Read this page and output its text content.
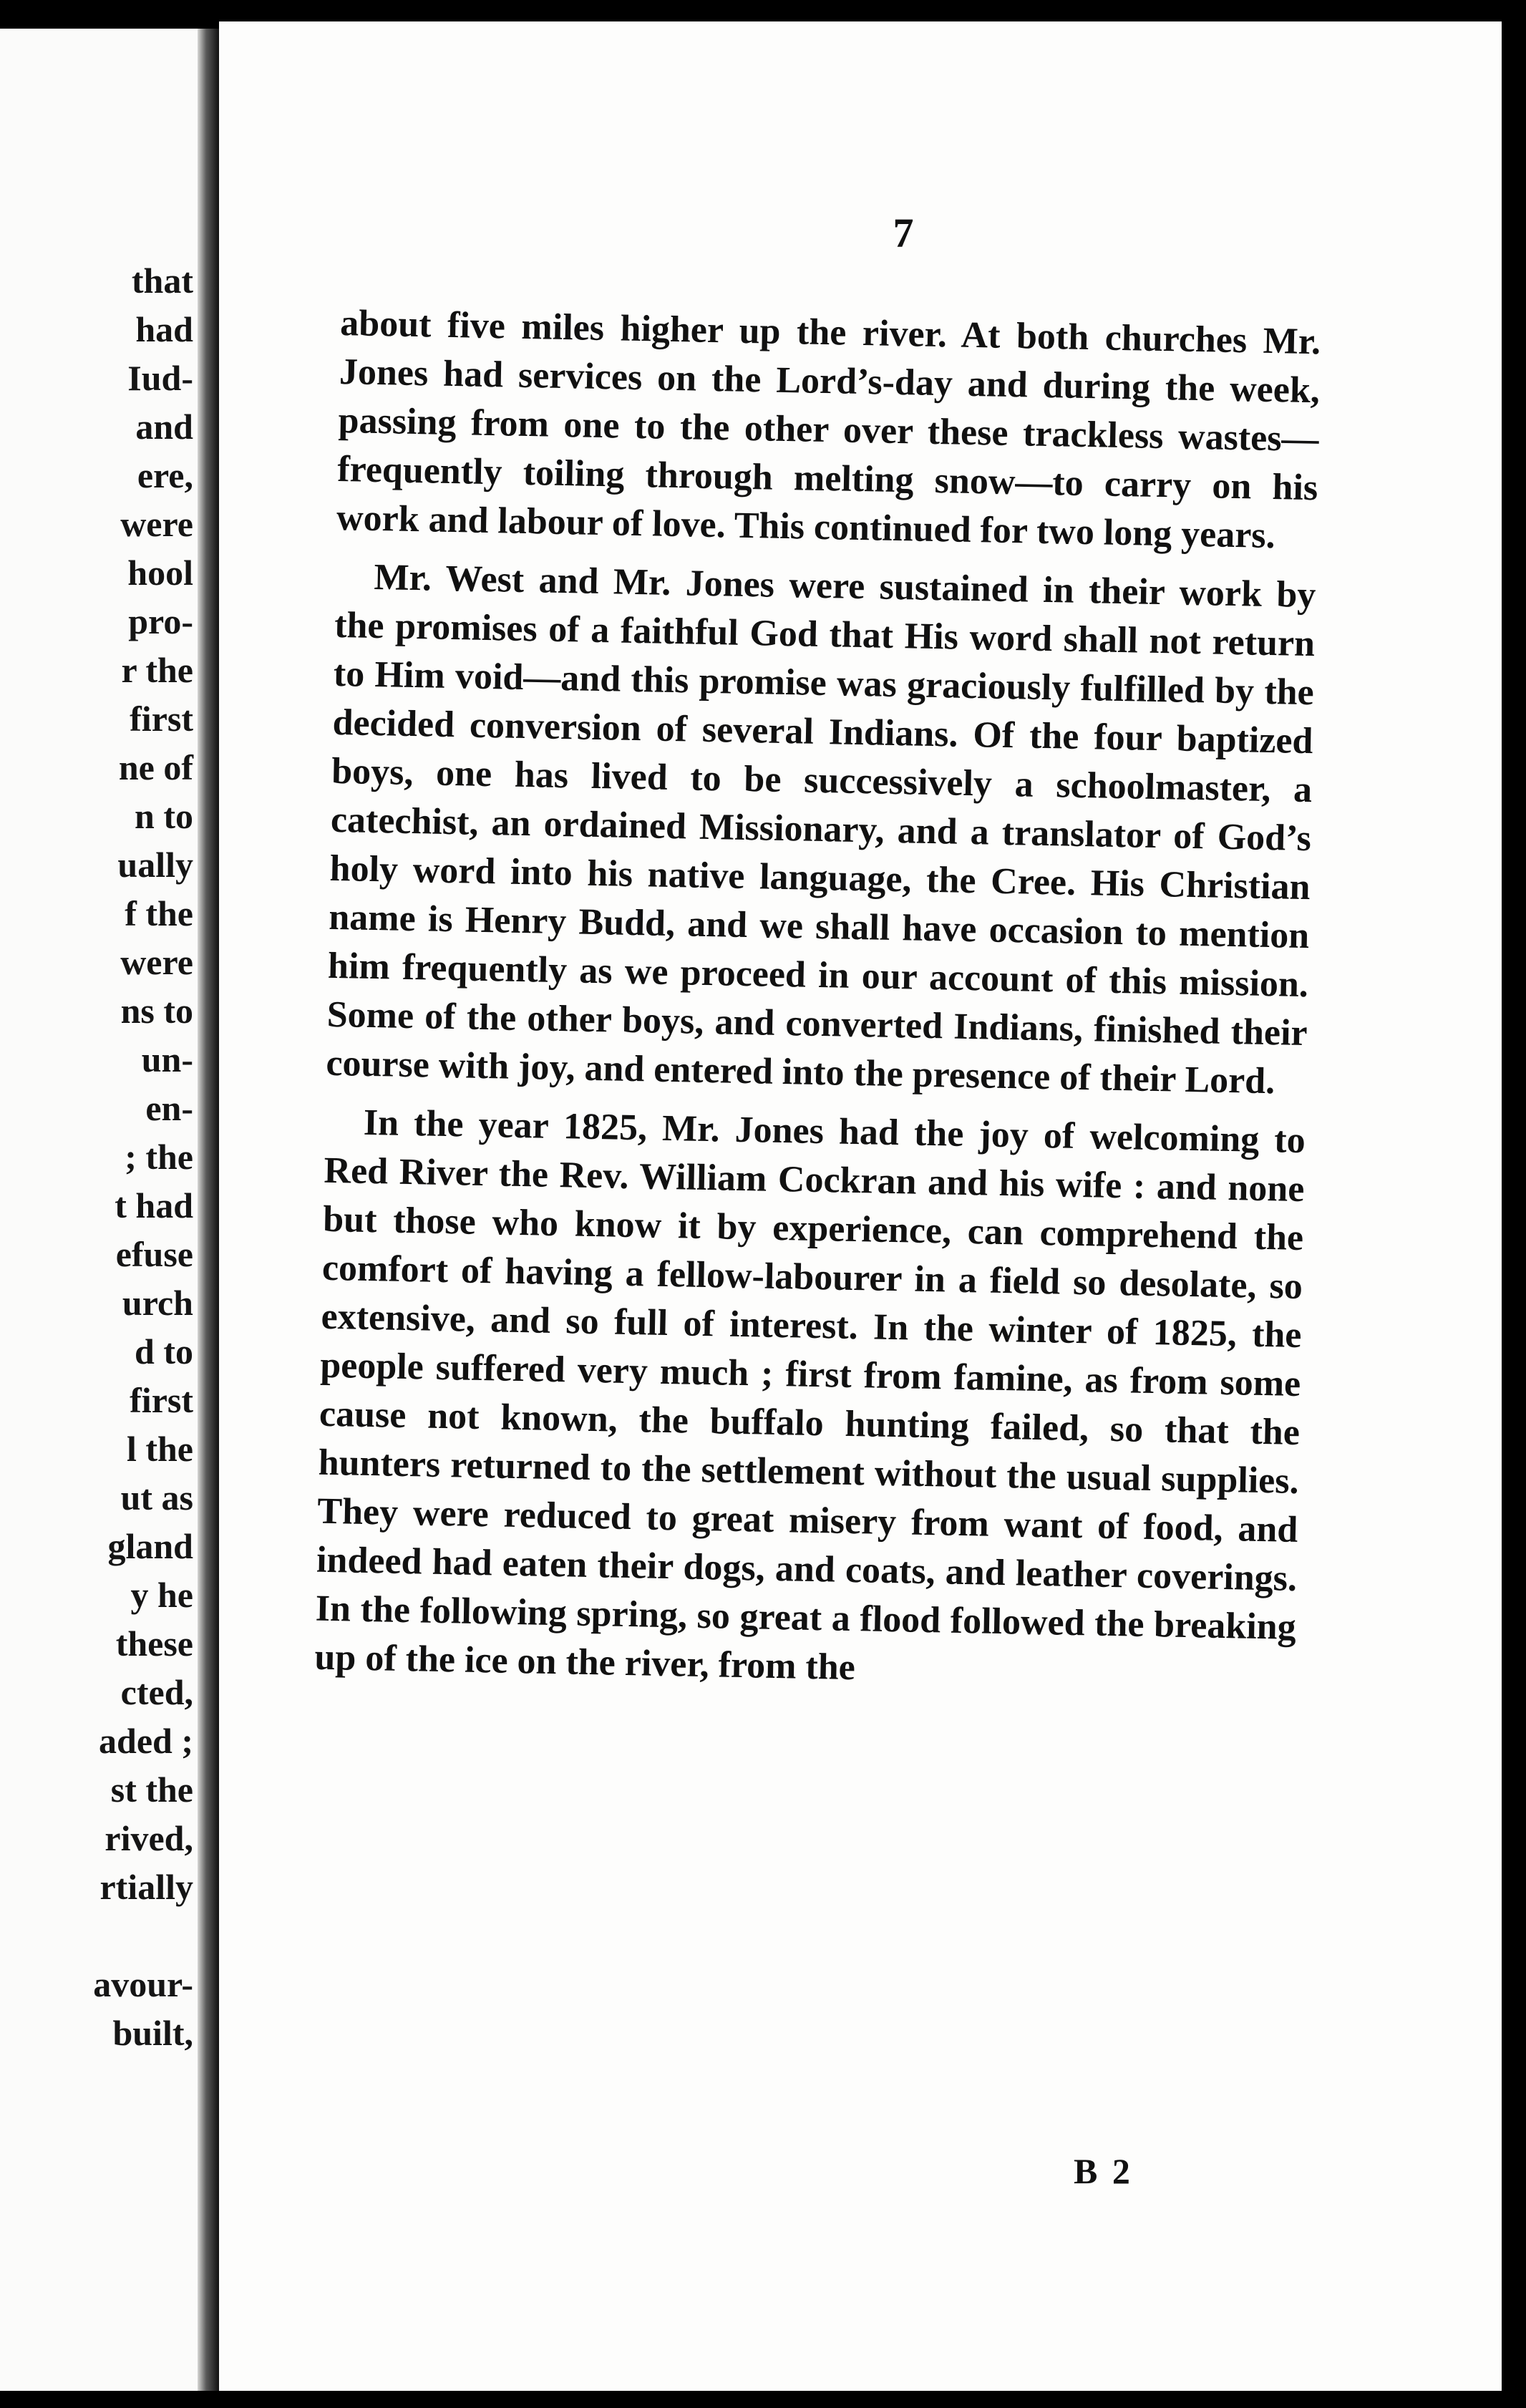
that

had

Iud-

and

ere,

were

hool

pro-

r the

first

ne of

n to

ually

f the

were

ns to

un-

en-

; the

t had

efuse

urch

d to

first

l the

ut as

gland

y he

these

cted,

aded ;

st the

rived,

rtially

avour-

built,

7

about five miles higher up the river. At both churches Mr. Jones had services on the Lord’s-day and during the week, passing from one to the other over these trackless wastes—frequently toiling through melting snow—to carry on his work and labour of love. This continued for two long years.

Mr. West and Mr. Jones were sustained in their work by the promises of a faithful God that His word shall not return to Him void—and this promise was graciously fulfilled by the decided conversion of several Indians. Of the four baptized boys, one has lived to be successively a schoolmaster, a catechist, an ordained Missionary, and a translator of God’s holy word into his native language, the Cree. His Christian name is Henry Budd, and we shall have occasion to mention him frequently as we proceed in our account of this mission. Some of the other boys, and converted Indians, finished their course with joy, and entered into the presence of their Lord.

In the year 1825, Mr. Jones had the joy of welcoming to Red River the Rev. William Cockran and his wife : and none but those who know it by experience, can comprehend the comfort of having a fellow-labourer in a field so desolate, so extensive, and so full of interest. In the winter of 1825, the people suffered very much ; first from famine, as from some cause not known, the buffalo hunting failed, so that the hunters returned to the settlement without the usual supplies. They were reduced to great misery from want of food, and indeed had eaten their dogs, and coats, and leather coverings. In the following spring, so great a flood followed the breaking up of the ice on the river, from the

B 2
